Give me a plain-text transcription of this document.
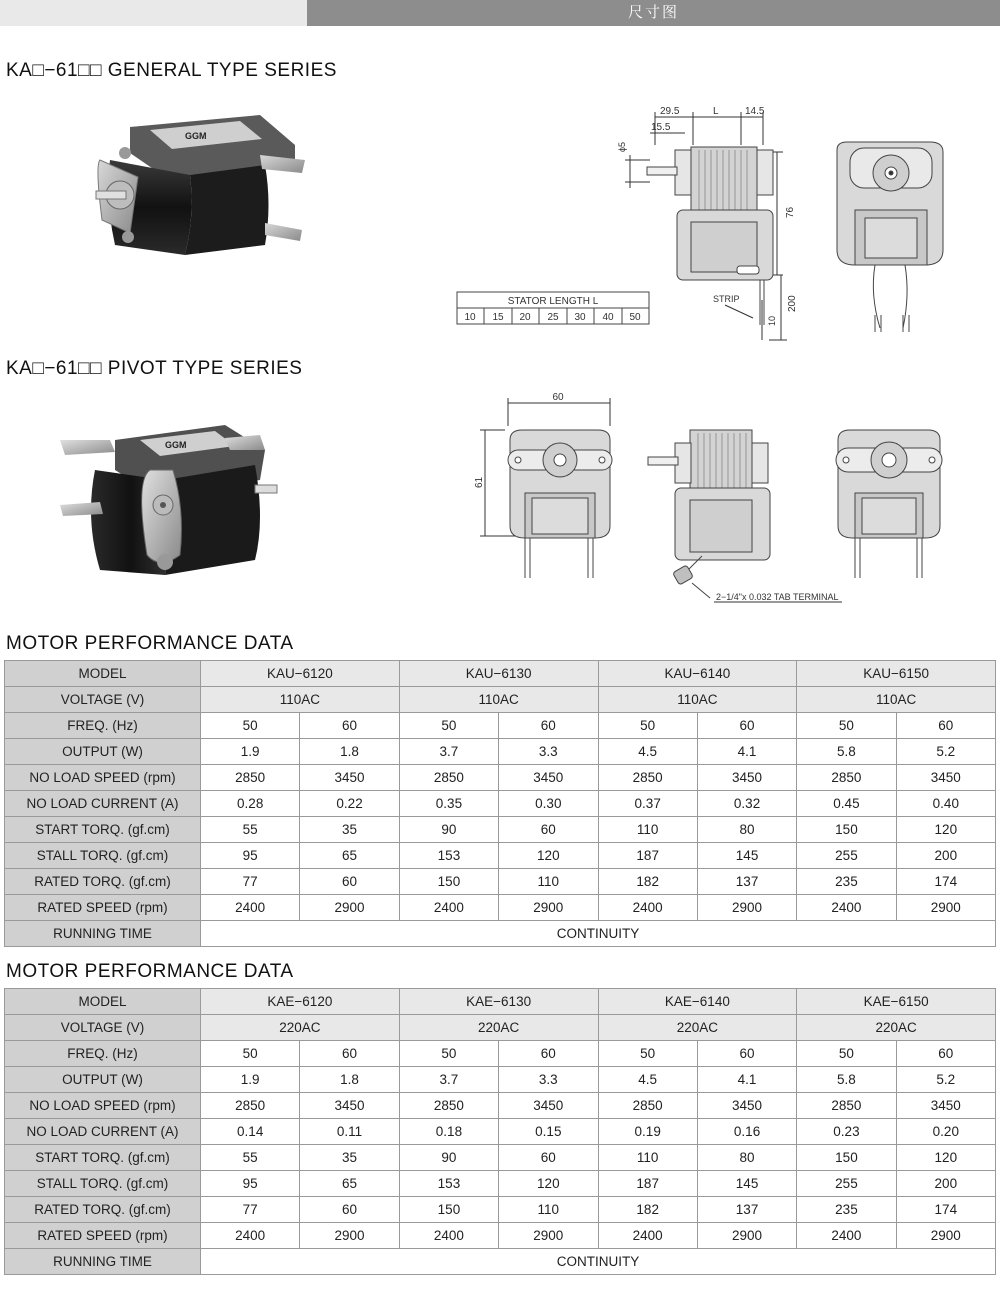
尺寸图
KA□−61□□ GENERAL TYPE SERIES
GGM
29.5	L	14.5
15.5
ϕ5
76
200
10
STRIP
STATOR LENGTH L
10 15 20 25 30 40 50
KA□−61□□ PIVOT TYPE SERIES
GGM
60
61
2−1/4"x 0.032 TAB TERMINAL
MOTOR PERFORMANCE DATA
MODEL	KAU−6120		KAU−6130		KAU−6140		KAU−6150	
VOLTAGE (V)	110AC		110AC		110AC		110AC	
FREQ. (Hz)	50	60	50	60	50	60	50	60
OUTPUT (W)	1.9	1.8	3.7	3.3	4.5	4.1	5.8	5.2
NO LOAD SPEED (rpm)	2850	3450	2850	3450	2850	3450	2850	3450
NO LOAD CURRENT (A)	0.28	0.22	0.35	0.30	0.37	0.32	0.45	0.40
START TORQ. (gf.cm)	55	35	90	60	110	80	150	120
STALL TORQ. (gf.cm)	95	65	153	120	187	145	255	200
RATED TORQ. (gf.cm)	77	60	150	110	182	137	235	174
RATED SPEED (rpm)	2400	2900	2400	2900	2400	2900	2400	2900
RUNNING TIME	CONTINUITY							
MOTOR PERFORMANCE DATA
MODEL	KAE−6120		KAE−6130		KAE−6140		KAE−6150	
VOLTAGE (V)	220AC		220AC		220AC		220AC	
FREQ. (Hz)	50	60	50	60	50	60	50	60
OUTPUT (W)	1.9	1.8	3.7	3.3	4.5	4.1	5.8	5.2
NO LOAD SPEED (rpm)	2850	3450	2850	3450	2850	3450	2850	3450
NO LOAD CURRENT (A)	0.14	0.11	0.18	0.15	0.19	0.16	0.23	0.20
START TORQ. (gf.cm)	55	35	90	60	110	80	150	120
STALL TORQ. (gf.cm)	95	65	153	120	187	145	255	200
RATED TORQ. (gf.cm)	77	60	150	110	182	137	235	174
RATED SPEED (rpm)	2400	2900	2400	2900	2400	2900	2400	2900
RUNNING TIME	CONTINUITY							
